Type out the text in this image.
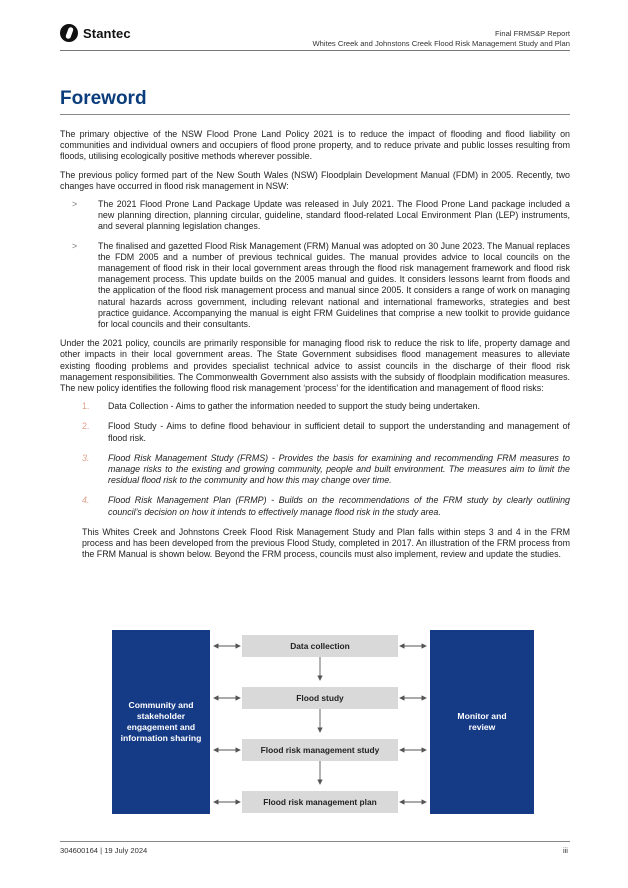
Stantec	Final FRMS&P Report
Whites Creek and Johnstons Creek Flood Risk Management Study and Plan
Foreword

The primary objective of the NSW Flood Prone Land Policy 2021 is to reduce the impact of flooding and flood liability on communities and individual owners and occupiers of flood prone property, and to reduce private and public losses resulting from floods, utilising ecologically positive methods wherever possible.

The previous policy formed part of the New South Wales (NSW) Floodplain Development Manual (FDM) in 2005. Recently, two changes have occurred in flood risk management in NSW:

> The 2021 Flood Prone Land Package Update was released in July 2021. The Flood Prone Land package included a new planning direction, planning circular, guideline, standard flood-related Local Environment Plan (LEP) instruments, and several planning legislation changes.
> The finalised and gazetted Flood Risk Management (FRM) Manual was adopted on 30 June 2023. The Manual replaces the FDM 2005 and a number of previous technical guides. The manual provides advice to local councils on the management of flood risk in their local government areas through the flood risk management framework and flood risk management process. This update builds on the 2005 manual and guides. It considers lessons learnt from floods and the application of the flood risk management process and manual since 2005. It considers a range of work on managing natural hazards across government, including relevant national and international frameworks, strategies and best practice guidance. Accompanying the manual is eight FRM Guidelines that comprise a new toolkit to provide guidance for local councils and their consultants.

Under the 2021 policy, councils are primarily responsible for managing flood risk to reduce the risk to life, property damage and other impacts in their local government areas. The State Government subsidises flood management measures to alleviate existing flooding problems and provides specialist technical advice to assist councils in the discharge of their flood risk management responsibilities. The Commonwealth Government also assists with the subsidy of floodplain modification measures. The new policy identifies the following flood risk management ‘process’ for the identification and management of flood risks:

1. Data Collection - Aims to gather the information needed to support the study being undertaken.
2. Flood Study - Aims to define flood behaviour in sufficient detail to support the understanding and management of flood risk.
3. Flood Risk Management Study (FRMS) - Provides the basis for examining and recommending FRM measures to manage risks to the existing and growing community, people and built environment. The measures aim to limit the residual flood risk to the community and how this may change over time.
4. Flood Risk Management Plan (FRMP) - Builds on the recommendations of the FRM study by clearly outlining council’s decision on how it intends to effectively manage flood risk in the study area.

This Whites Creek and Johnstons Creek Flood Risk Management Study and Plan falls within steps 3 and 4 in the FRM process and has been developed from the previous Flood Study, completed in 2017. An illustration of the FRM process from the FRM Manual is shown below. Beyond the FRM process, councils must also implement, review and update the studies.

Community and stakeholder engagement and information sharing
Monitor and review
Data collection
Flood study
Flood risk management study
Flood risk management plan
304600164 | 19 July 2024	iii
